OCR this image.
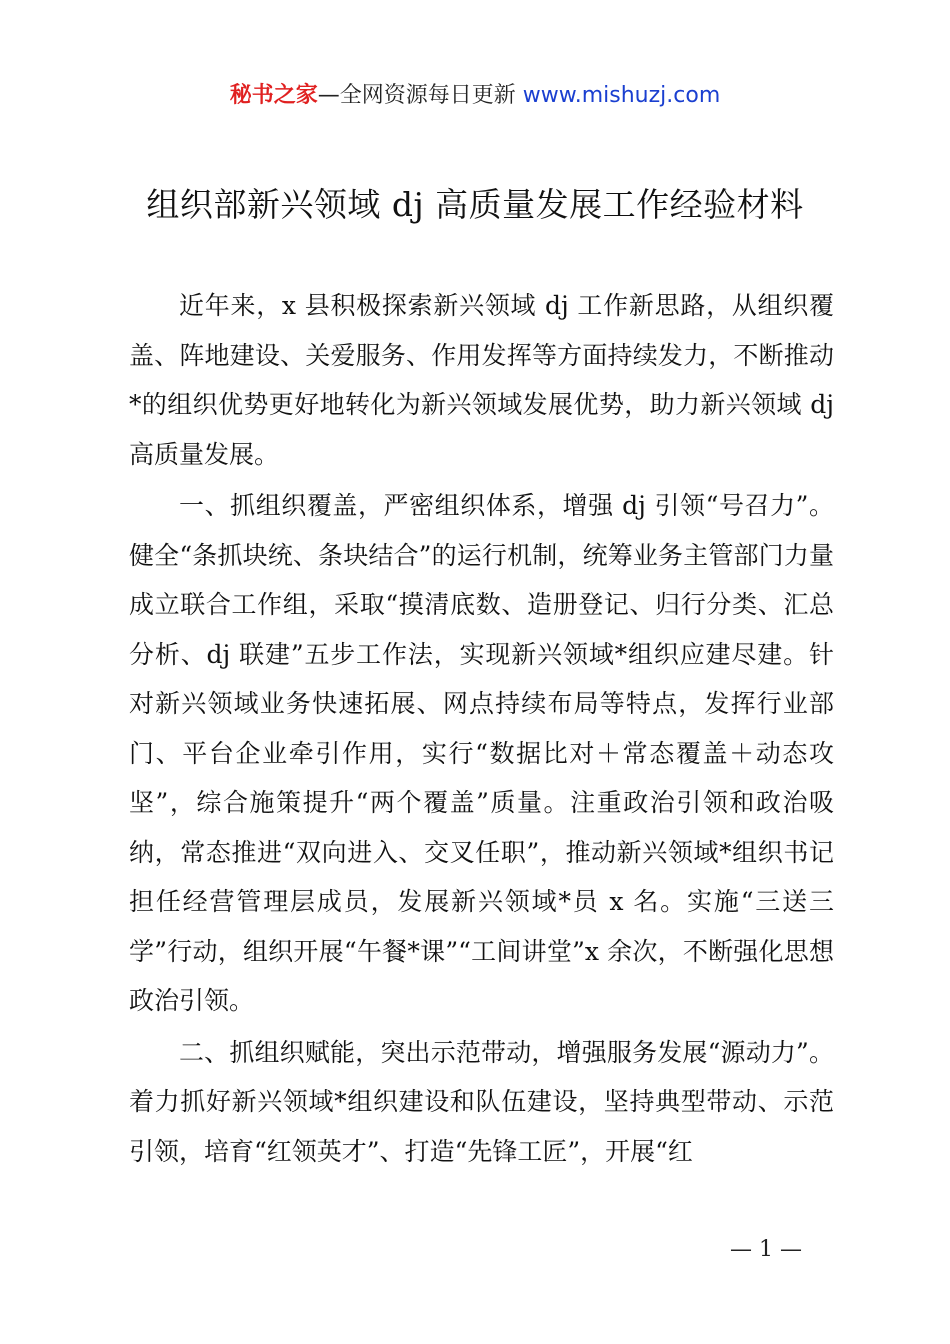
秘书之家—全网资源每日更新 www.mishuzj.com
组织部新兴领域 dj 高质量发展工作经验材料

近年来，x 县积极探索新兴领域 dj 工作新思路，从组织覆盖、阵地建设、关爱服务、作用发挥等方面持续发力，不断推动*的组织优势更好地转化为新兴领域发展优势，助力新兴领域 dj 高质量发展。

一、抓组织覆盖，严密组织体系，增强 dj 引领“号召力”。健全“条抓块统、条块结合”的运行机制，统筹业务主管部门力量成立联合工作组，采取“摸清底数、造册登记、归行分类、汇总分析、dj 联建”五步工作法，实现新兴领域*组织应建尽建。针对新兴领域业务快速拓展、网点持续布局等特点，发挥行业部门、平台企业牵引作用，实行“数据比对＋常态覆盖＋动态攻坚”，综合施策提升“两个覆盖”质量。注重政治引领和政治吸纳，常态推进“双向进入、交叉任职”，推动新兴领域*组织书记担任经营管理层成员，发展新兴领域*员 x 名。实施“三送三学”行动，组织开展“午餐*课”“工间讲堂”x 余次，不断强化思想政治引领。

二、抓组织赋能，突出示范带动，增强服务发展“源动力”。着力抓好新兴领域*组织建设和队伍建设，坚持典型带动、示范引领，培育“红领英才”、打造“先锋工匠”，开展“红

— 1 —
